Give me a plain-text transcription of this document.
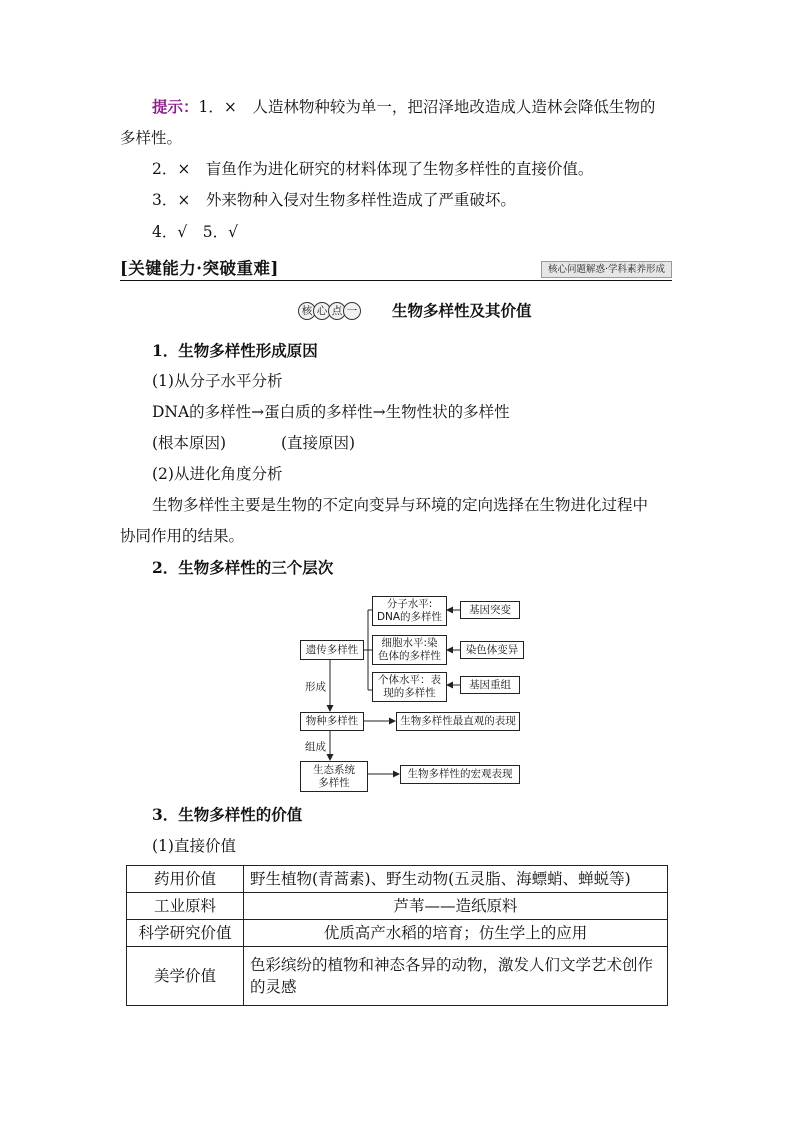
提示：1．×　人造林物种较为单一，把沼泽地改造成人造林会降低生物的
多样性。
2．×　盲鱼作为进化研究的材料体现了生物多样性的直接价值。
3．×　外来物种入侵对生物多样性造成了严重破坏。
4．√　5．√
[关键能力·突破重难]	核心问题解惑·学科素养形成
核 心 点 一 生物多样性及其价值
1．生物多样性形成原因
(1)从分子水平分析
DNA的多样性→蛋白质的多样性→生物性状的多样性
(根本原因)	(直接原因)
(2)从进化角度分析
生物多样性主要是生物的不定向变异与环境的定向选择在生物进化过程中
协同作用的结果。
2．生物多样性的三个层次
遗传多样性
分子水平:
DNA的多样性
细胞水平:染
色体的多样性
个体水平：表
现的多样性
基因突变
染色体变异
基因重组
形成
物种多样性	生物多样性最直观的表现
组成
生态系统
多样性
生物多样性的宏观表现
3．生物多样性的价值
(1)直接价值
药用价值	野生植物(青蒿素)、野生动物(五灵脂、海螵蛸、蝉蜕等)
工业原料	芦苇——造纸原料
科学研究价值	优质高产水稻的培育；仿生学上的应用
美学价值	色彩缤纷的植物和神态各异的动物，激发人们文学艺术创作
的灵感
